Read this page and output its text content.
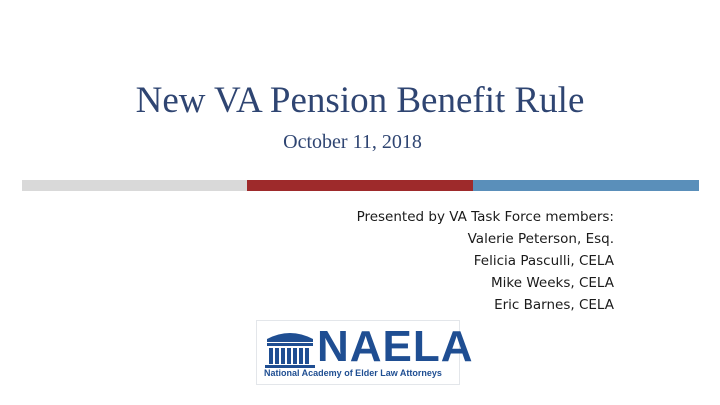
New VA Pension Benefit Rule
October 11, 2018
Presented by VA Task Force members:
Valerie Peterson, Esq.
Felicia Pasculli, CELA
Mike Weeks, CELA
Eric Barnes, CELA
NAELA
National Academy of Elder Law Attorneys
